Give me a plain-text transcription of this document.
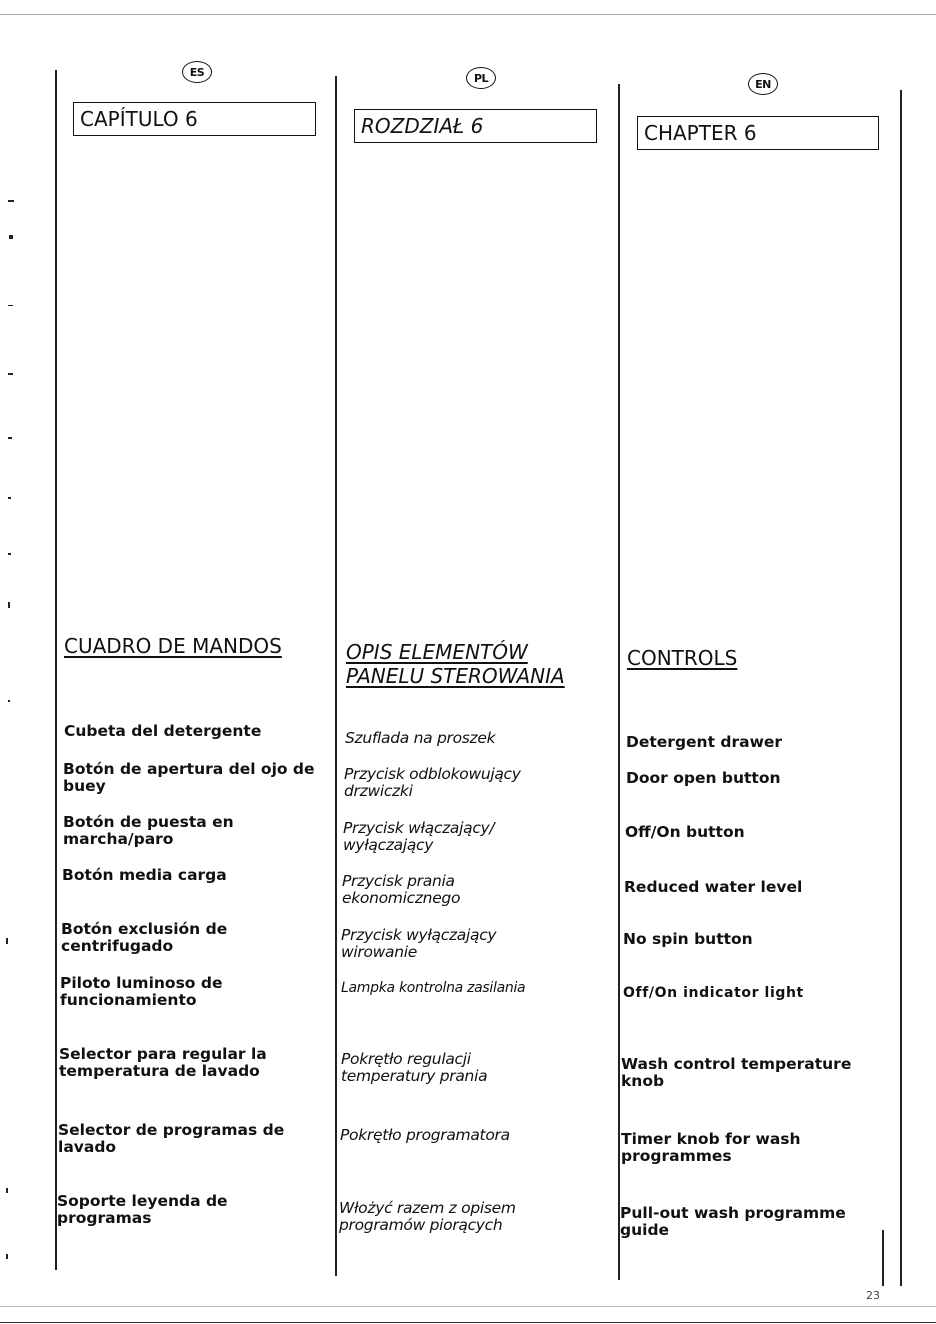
ES
CAPÍTULO 6
CUADRO DE MANDOS
Cubeta del detergente
Botón de apertura del ojo de buey
Botón de puesta en marcha/paro
Botón media carga
Botón exclusión de centrifugado
Piloto luminoso de funcionamiento
Selector para regular la temperatura de lavado
Selector de programas de lavado
Soporte leyenda de programas
PL
ROZDZIAŁ 6
OPIS ELEMENTÓW PANELU STEROWANIA
Szuflada na proszek
Przycisk odblokowujący drzwiczki
Przycisk włączający/ wyłączający
Przycisk prania ekonomicznego
Przycisk wyłączający wirowanie
Lampka kontrolna zasilania
Pokrętło regulacji temperatury prania
Pokrętło programatora
Włożyć razem z opisem programów piorących
EN
CHAPTER 6
CONTROLS
Detergent drawer
Door open button
Off/On button
Reduced water level
No spin button
Off/On indicator light
Wash control temperature knob
Timer knob for wash programmes
Pull-out wash programme guide
23
